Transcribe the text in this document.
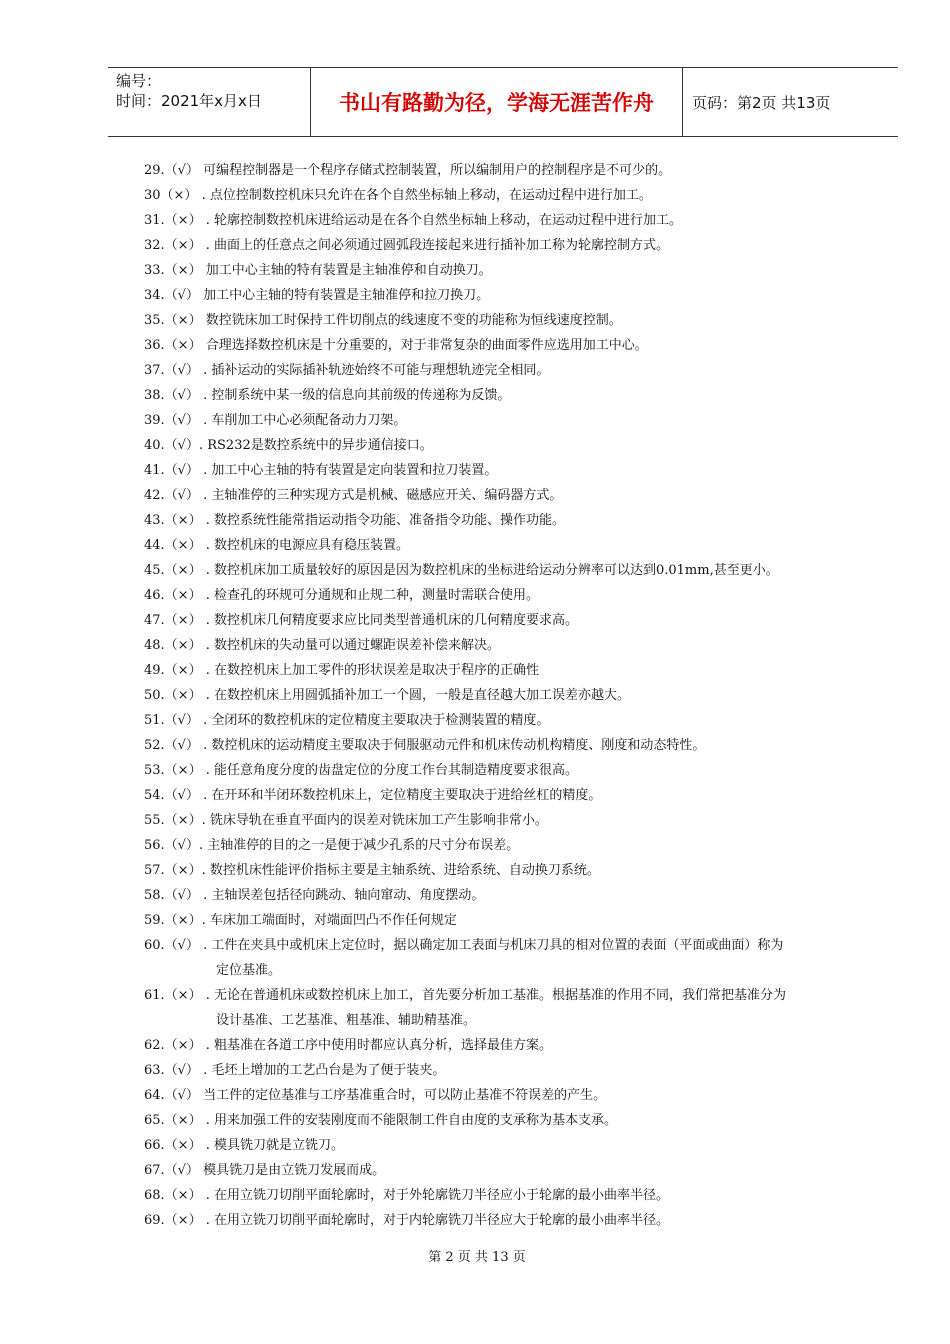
编号：
时间：2021年x月x日	书山有路勤为径，学海无涯苦作舟	页码：第2页 共13页
29.（√） 可编程控制器是一个程序存储式控制装置，所以编制用户的控制程序是不可少的。
30（×） . 点位控制数控机床只允许在各个自然坐标轴上移动，在运动过程中进行加工。
31.（×） . 轮廓控制数控机床进给运动是在各个自然坐标轴上移动，在运动过程中进行加工。
32.（×） . 曲面上的任意点之间必须通过圆弧段连接起来进行插补加工称为轮廓控制方式。
33.（×） 加工中心主轴的特有装置是主轴准停和自动换刀。
34.（√） 加工中心主轴的特有装置是主轴准停和拉刀换刀。
35.（×） 数控铣床加工时保持工件切削点的线速度不变的功能称为恒线速度控制。
36.（×） 合理选择数控机床是十分重要的，对于非常复杂的曲面零件应选用加工中心。
37.（√） . 插补运动的实际插补轨迹始终不可能与理想轨迹完全相同。
38.（√） . 控制系统中某一级的信息向其前级的传递称为反馈。
39.（√） . 车削加工中心必须配备动力刀架。
40.（√）. RS232是数控系统中的异步通信接口。
41.（√） . 加工中心主轴的特有装置是定向装置和拉刀装置。
42.（√） . 主轴准停的三种实现方式是机械、磁感应开关、编码器方式。
43.（×） . 数控系统性能常指运动指令功能、准备指令功能、操作功能。
44.（×） . 数控机床的电源应具有稳压装置。
45.（×） . 数控机床加工质量较好的原因是因为数控机床的坐标进给运动分辨率可以达到0.01mm,甚至更小。
46.（×） . 检查孔的环规可分通规和止规二种，测量时需联合使用。
47.（×） . 数控机床几何精度要求应比同类型普通机床的几何精度要求高。
48.（×） . 数控机床的失动量可以通过螺距误差补偿来解决。
49.（×） . 在数控机床上加工零件的形状误差是取决于程序的正确性
50.（×） . 在数控机床上用圆弧插补加工一个圆，一般是直径越大加工误差亦越大。
51.（√） . 全闭环的数控机床的定位精度主要取决于检测装置的精度。
52.（√） . 数控机床的运动精度主要取决于伺服驱动元件和机床传动机构精度、刚度和动态特性。
53.（×） . 能任意角度分度的齿盘定位的分度工作台其制造精度要求很高。
54.（√） . 在开环和半闭环数控机床上，定位精度主要取决于进给丝杠的精度。
55.（×）. 铣床导轨在垂直平面内的误差对铣床加工产生影响非常小。
56.（√）. 主轴准停的目的之一是便于减少孔系的尺寸分布误差。
57.（×）. 数控机床性能评价指标主要是主轴系统、进给系统、自动换刀系统。
58.（√） . 主轴误差包括径向跳动、轴向窜动、角度摆动。
59.（×）. 车床加工端面时，对端面凹凸不作任何规定
60.（√） . 工件在夹具中或机床上定位时，据以确定加工表面与机床刀具的相对位置的表面（平面或曲面）称为
定位基准。
61.（×） . 无论在普通机床或数控机床上加工，首先要分析加工基准。根据基准的作用不同，我们常把基准分为
设计基准、工艺基准、粗基准、辅助精基准。
62.（×） . 粗基准在各道工序中使用时都应认真分析，选择最佳方案。
63.（√） . 毛坯上增加的工艺凸台是为了便于装夹。
64.（√） 当工件的定位基准与工序基准重合时，可以防止基准不符误差的产生。
65.（×） . 用来加强工件的安装刚度而不能限制工件自由度的支承称为基本支承。
66.（×） . 模具铣刀就是立铣刀。
67.（√） 模具铣刀是由立铣刀发展而成。
68.（×） . 在用立铣刀切削平面轮廓时，对于外轮廓铣刀半径应小于轮廓的最小曲率半径。
69.（×） . 在用立铣刀切削平面轮廓时，对于内轮廓铣刀半径应大于轮廓的最小曲率半径。
第 2 页 共 13 页
